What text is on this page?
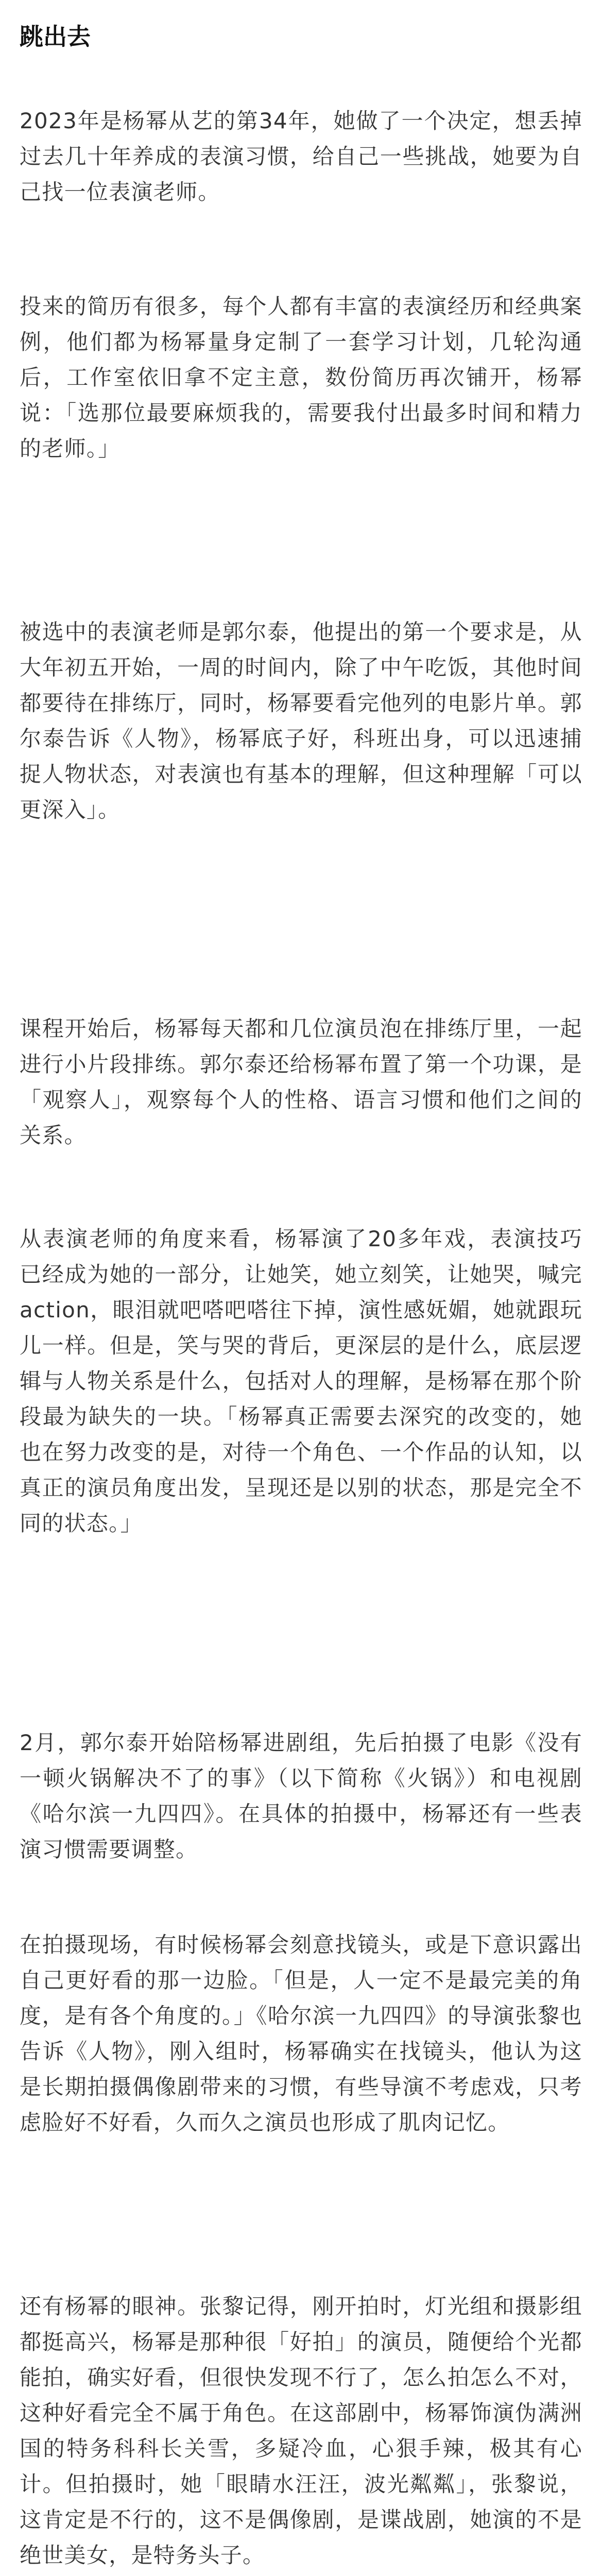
跳出去

2023年是杨幂从艺的第34年，她做了一个决定，想丢掉过去几十年养成的表演习惯，给自己一些挑战，她要为自己找一位表演老师。

投来的简历有很多，每个人都有丰富的表演经历和经典案例，他们都为杨幂量身定制了一套学习计划，几轮沟通后，工作室依旧拿不定主意，数份简历再次铺开，杨幂说：「选那位最要麻烦我的，需要我付出最多时间和精力的老师。」

被选中的表演老师是郭尔泰，他提出的第一个要求是，从大年初五开始，一周的时间内，除了中午吃饭，其他时间都要待在排练厅，同时，杨幂要看完他列的电影片单。郭尔泰告诉《人物》，杨幂底子好，科班出身，可以迅速捕捉人物状态，对表演也有基本的理解，但这种理解「可以更深入」。

课程开始后，杨幂每天都和几位演员泡在排练厅里，一起进行小片段排练。郭尔泰还给杨幂布置了第一个功课，是「观察人」，观察每个人的性格、语言习惯和他们之间的关系。

从表演老师的角度来看，杨幂演了20多年戏，表演技巧已经成为她的一部分，让她笑，她立刻笑，让她哭，喊完action，眼泪就吧嗒吧嗒往下掉，演性感妩媚，她就跟玩儿一样。但是，笑与哭的背后，更深层的是什么，底层逻辑与人物关系是什么，包括对人的理解，是杨幂在那个阶段最为缺失的一块。「杨幂真正需要去深究的改变的，她也在努力改变的是，对待一个角色、一个作品的认知，以真正的演员角度出发，呈现还是以别的状态，那是完全不同的状态。」

2月，郭尔泰开始陪杨幂进剧组，先后拍摄了电影《没有一顿火锅解决不了的事》（以下简称《火锅》）和电视剧《哈尔滨一九四四》。在具体的拍摄中，杨幂还有一些表演习惯需要调整。

在拍摄现场，有时候杨幂会刻意找镜头，或是下意识露出自己更好看的那一边脸。「但是，人一定不是最完美的角度，是有各个角度的。」《哈尔滨一九四四》的导演张黎也告诉《人物》，刚入组时，杨幂确实在找镜头，他认为这是长期拍摄偶像剧带来的习惯，有些导演不考虑戏，只考虑脸好不好看，久而久之演员也形成了肌肉记忆。

还有杨幂的眼神。张黎记得，刚开拍时，灯光组和摄影组都挺高兴，杨幂是那种很「好拍」的演员，随便给个光都能拍，确实好看，但很快发现不行了，怎么拍怎么不对，这种好看完全不属于角色。在这部剧中，杨幂饰演伪满洲国的特务科科长关雪，多疑冷血，心狠手辣，极其有心计。但拍摄时，她「眼睛水汪汪，波光粼粼」，张黎说，这肯定是不行的，这不是偶像剧，是谍战剧，她演的不是绝世美女，是特务头子。
